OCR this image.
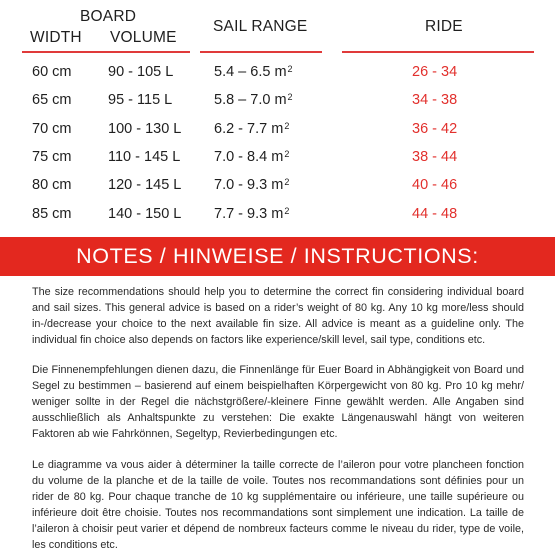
BOARD
WIDTH VOLUME
SAIL RANGE	RIDE
60 cm	90 - 105 L	5.4 – 6.5 m 2	26 - 34
65 cm	95 - 115 L	5.8 – 7.0 m 2	34 - 38
70 cm	100 - 130 L 6.2 - 7.7 m 2	36 - 42
75 cm	110 - 145 L 7.0 - 8.4 m 2	38 - 44
80 cm	120 - 145 L 7.0 - 9.3 m 2	40 - 46
85 cm	140 - 150 L 7.7 - 9.3 m 2	44 - 48
NOTES / HINWEISE / INSTRUCTIONS:

The size recommendations should help you to determine the correct fin considering individual board and sail sizes. This general advice is based on a rider’s weight of 80 kg. Any 10 kg more/less should in-/decrease your choice to the next available fin size. All advice is meant as a guideline only. The individual fin choice also depends on factors like experience/skill level, sail type, conditions etc.

Die Finnenempfehlungen dienen dazu, die Finnenlänge für Euer Board in Abhängigkeit von Board und Segel zu bestimmen – basierend auf einem beispielhaften Körpergewicht von 80 kg. Pro 10 kg mehr/ weniger sollte in der Regel die nächstgrößere/-kleinere Finne gewählt werden. Alle Angaben sind ausschließlich als Anhaltspunkte zu verstehen: Die exakte Längenauswahl hängt von weiteren Faktoren ab wie Fahrkönnen, Segeltyp, Revierbedingungen etc.

Le diagramme va vous aider à déterminer la taille correcte de l’aileron pour votre plancheen fonction du volume de la planche et de la taille de voile. Toutes nos recommandations sont définies pour un rider de 80 kg. Pour chaque tranche de 10 kg supplémentaire ou inférieure, une taille supérieure ou inférieure doit être choisie. Toutes nos recommandations sont simplement une indication. La taille de l’aileron à choisir peut varier et dépend de nombreux facteurs comme le niveau du rider, type de voile, les conditions etc.
